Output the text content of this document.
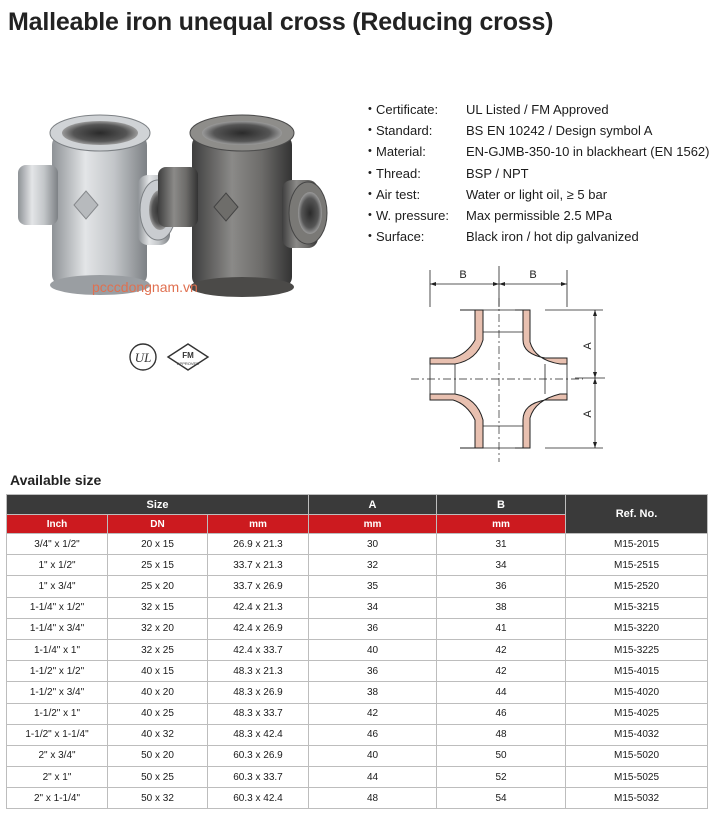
Malleable iron unequal cross (Reducing cross)
pcccdongnam.vn
UL	FM
APPROVED
• Certificate:	UL Listed / FM Approved
• Standard:	BS EN 10242 / Design symbol A
• Material:	EN-GJMB-350-10 in blackheart (EN 1562)
• Thread:	BSP / NPT
• Air test:	Water or light oil, ≥ 5 bar
• W. pressure:	Max permissible 2.5 MPa
• Surface:	Black iron / hot dip galvanized
B	B
A
A
Available size
Size			A	B	Ref. No.
Inch	DN	mm	mm	mm	
3/4" x 1/2"	20 x 15	26.9 x 21.3	30	31	M15-2015
1" x 1/2"	25 x 15	33.7 x 21.3	32	34	M15-2515
1" x 3/4"	25 x 20	33.7 x 26.9	35	36	M15-2520
1-1/4" x 1/2"	32 x 15	42.4 x 21.3	34	38	M15-3215
1-1/4" x 3/4"	32 x 20	42.4 x 26.9	36	41	M15-3220
1-1/4" x 1"	32 x 25	42.4 x 33.7	40	42	M15-3225
1-1/2" x 1/2"	40 x 15	48.3 x 21.3	36	42	M15-4015
1-1/2" x 3/4"	40 x 20	48.3 x 26.9	38	44	M15-4020
1-1/2" x 1"	40 x 25	48.3 x 33.7	42	46	M15-4025
1-1/2" x 1-1/4"	40 x 32	48.3 x 42.4	46	48	M15-4032
2" x 3/4"	50 x 20	60.3 x 26.9	40	50	M15-5020
2" x 1"	50 x 25	60.3 x 33.7	44	52	M15-5025
2" x 1-1/4"	50 x 32	60.3 x 42.4	48	54	M15-5032
